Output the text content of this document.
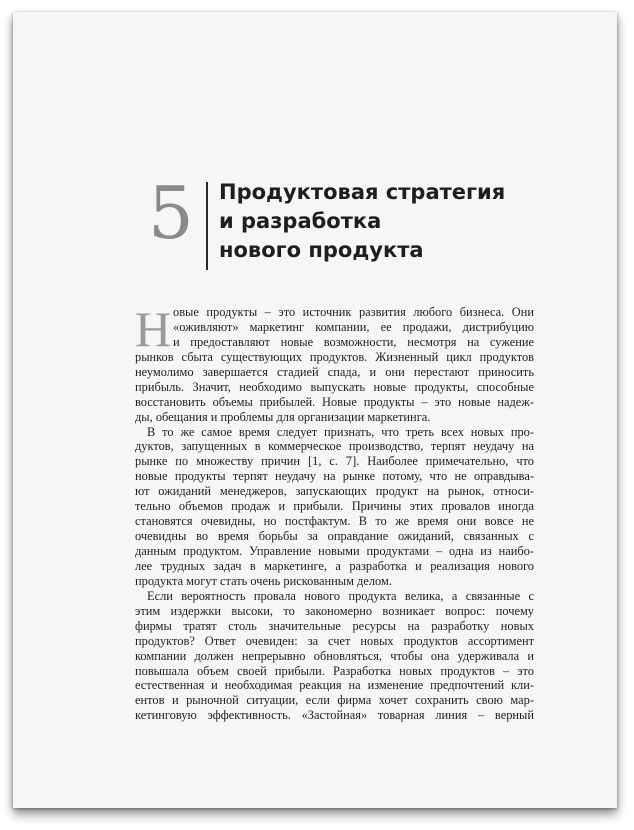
5 Продуктовая стратегия
и разработка
нового продукта
Н овые продукты – это источник развития любого бизнеса. Они
«оживляют» маркетинг компании, ее продажи, дистрибуцию
и предоставляют новые возможности, несмотря на сужение
рынков сбыта существующих продуктов. Жизненный цикл продуктов
неумолимо завершается стадией спада, и они перестают приносить
прибыль. Значит, необходимо выпускать новые продукты, способные
восстановить объемы прибылей. Новые продукты – это новые надеж-
ды, обещания и проблемы для организации маркетинга.
В то же самое время следует признать, что треть всех новых про-
дуктов, запущенных в коммерческое производство, терпят неудачу на
рынке по множеству причин [1, с. 7]. Наиболее примечательно, что
новые продукты терпят неудачу на рынке потому, что не оправдыва-
ют ожиданий менеджеров, запускающих продукт на рынок, относи-
тельно объемов продаж и прибыли. Причины этих провалов иногда
становятся очевидны, но постфактум. В то же время они вовсе не
очевидны во время борьбы за оправдание ожиданий, связанных с
данным продуктом. Управление новыми продуктами – одна из наибо-
лее трудных задач в маркетинге, а разработка и реализация нового
продукта могут стать очень рискованным делом.
Если вероятность провала нового продукта велика, а связанные с
этим издержки высоки, то закономерно возникает вопрос: почему
фирмы тратят столь значительные ресурсы на разработку новых
продуктов? Ответ очевиден: за счет новых продуктов ассортимент
компании должен непрерывно обновляться, чтобы она удерживала и
повышала объем своей прибыли. Разработка новых продуктов – это
естественная и необходимая реакция на изменение предпочтений кли-
ентов и рыночной ситуации, если фирма хочет сохранить свою мар-
кетинговую эффективность. «Застойная» товарная линия – верный
